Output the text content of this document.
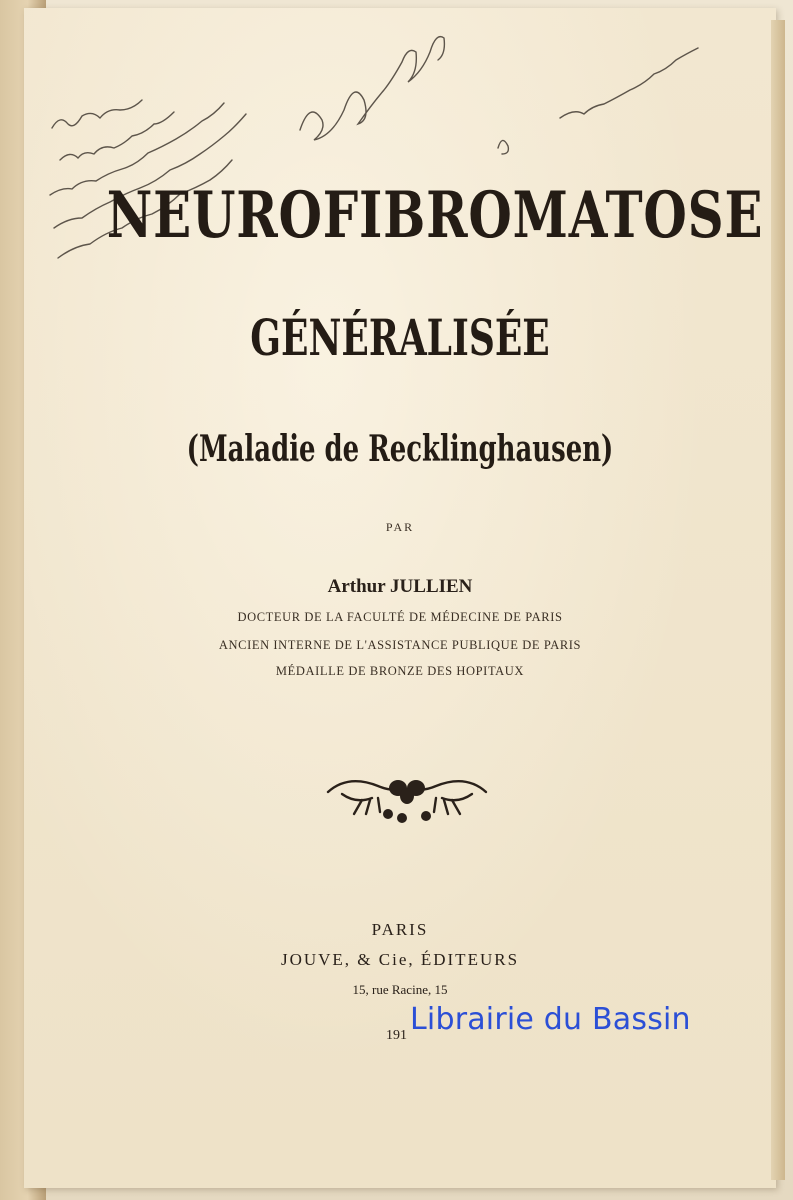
NEUROFIBROMATOSE
GÉNÉRALISÉE
(Maladie de Recklinghausen)

PAR

Arthur JULLIEN

DOCTEUR DE LA FACULTÉ DE MÉDECINE DE PARIS

ANCIEN INTERNE DE L'ASSISTANCE PUBLIQUE DE PARIS

MÉDAILLE DE BRONZE DES HOPITAUX

PARIS

JOUVE, & Cie, ÉDITEURS

15, rue Racine, 15

191 Librairie du Bassin
